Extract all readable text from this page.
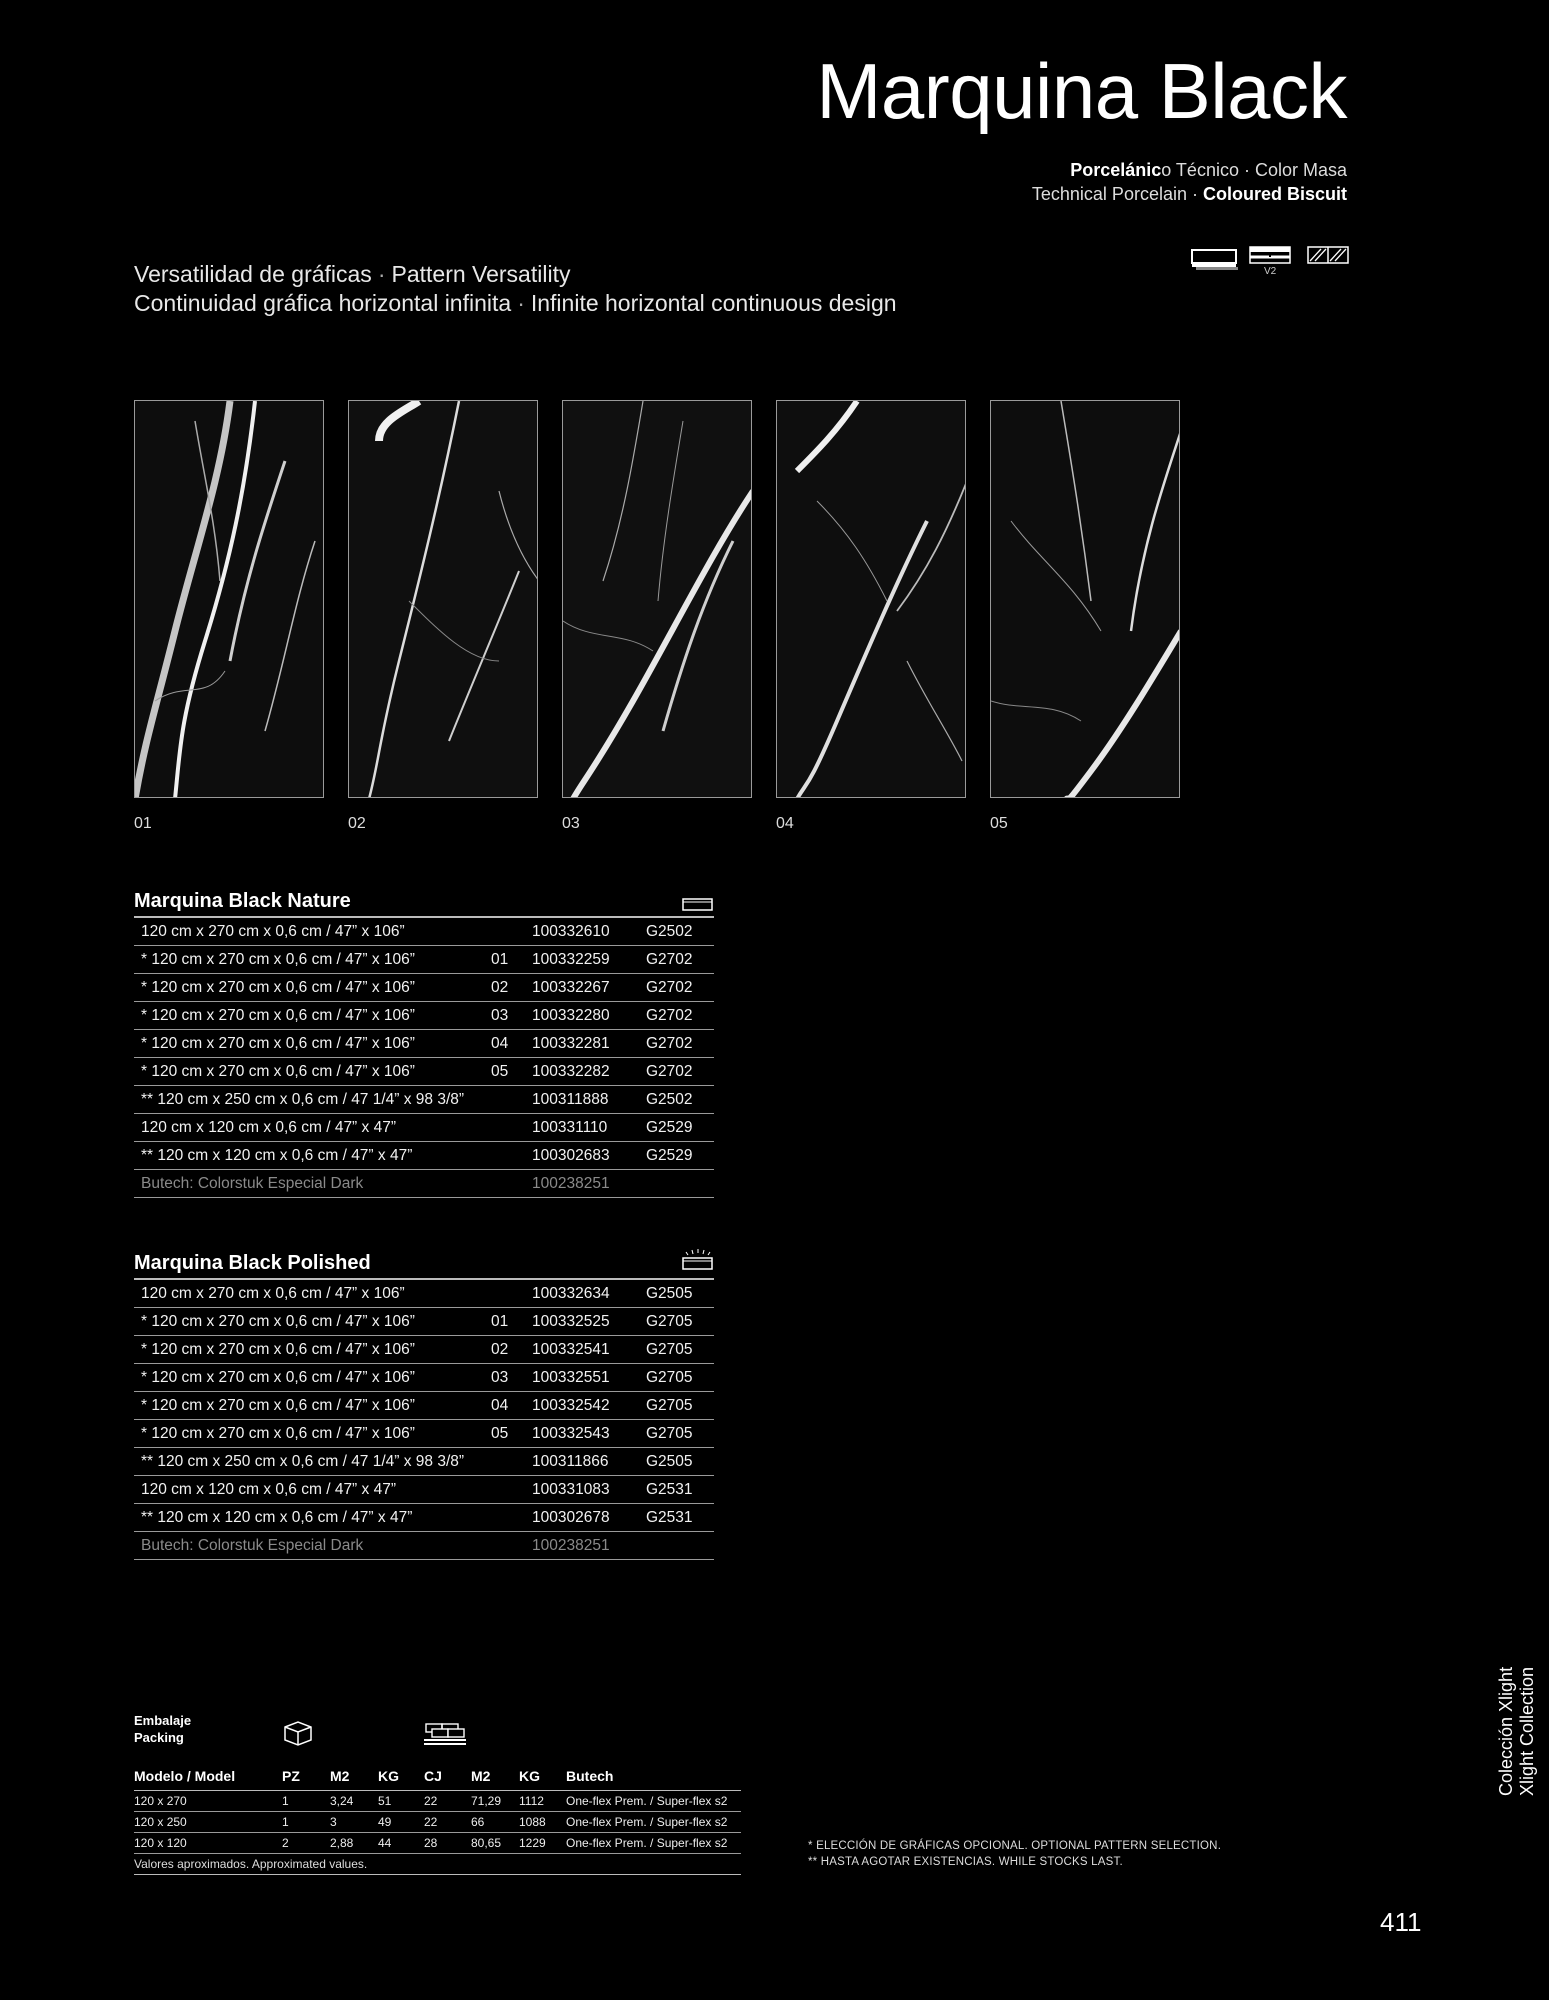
Marquina Black
Porcelánico Técnico · Color Masa
Technical Porcelain · Coloured Biscuit
Versatilidad de gráficas · Pattern Versatility
Continuidad gráfica horizontal infinita · Infinite horizontal continuous design
V2
01	02	03	04	05
Marquina Black Nature
120 cm x 270 cm x 0,6 cm / 47” x 106”	100332610 G2502
* 120 cm x 270 cm x 0,6 cm / 47” x 106”	01 100332259 G2702
* 120 cm x 270 cm x 0,6 cm / 47” x 106”	02 100332267 G2702
* 120 cm x 270 cm x 0,6 cm / 47” x 106”	03 100332280 G2702
* 120 cm x 270 cm x 0,6 cm / 47” x 106”	04 100332281 G2702
* 120 cm x 270 cm x 0,6 cm / 47” x 106”	05 100332282 G2702
** 120 cm x 250 cm x 0,6 cm / 47 1/4” x 98 3/8”	100311888 G2502
120 cm x 120 cm x 0,6 cm / 47” x 47”	100331110 G2529
** 120 cm x 120 cm x 0,6 cm / 47” x 47”	100302683 G2529
Butech: Colorstuk Especial Dark	100238251
Marquina Black Polished
120 cm x 270 cm x 0,6 cm / 47” x 106”	100332634 G2505
* 120 cm x 270 cm x 0,6 cm / 47” x 106”	01 100332525 G2705
* 120 cm x 270 cm x 0,6 cm / 47” x 106”	02 100332541 G2705
* 120 cm x 270 cm x 0,6 cm / 47” x 106”	03 100332551 G2705
* 120 cm x 270 cm x 0,6 cm / 47” x 106”	04 100332542 G2705
* 120 cm x 270 cm x 0,6 cm / 47” x 106”	05 100332543 G2705
** 120 cm x 250 cm x 0,6 cm / 47 1/4” x 98 3/8”	100311866 G2505
120 cm x 120 cm x 0,6 cm / 47” x 47”	100331083 G2531
** 120 cm x 120 cm x 0,6 cm / 47” x 47”	100302678 G2531
Butech: Colorstuk Especial Dark	100238251
Embalaje
Packing
Modelo / Model	PZ M2 KG CJ M2 KG Butech
120 x 270	1	3,24 51	22	71,29 1112 One-flex Prem. / Super-flex s2
120 x 250	1	3	49	22	66	1088 One-flex Prem. / Super-flex s2
120 x 120	2	2,88 44	28	80,65 1229 One-flex Prem. / Super-flex s2
Valores aproximados. Approximated values.
* ELECCIÓN DE GRÁFICAS OPCIONAL. OPTIONAL PATTERN SELECTION.
** HASTA AGOTAR EXISTENCIAS. WHILE STOCKS LAST.
Colección Xlight Xlight Collection
411
